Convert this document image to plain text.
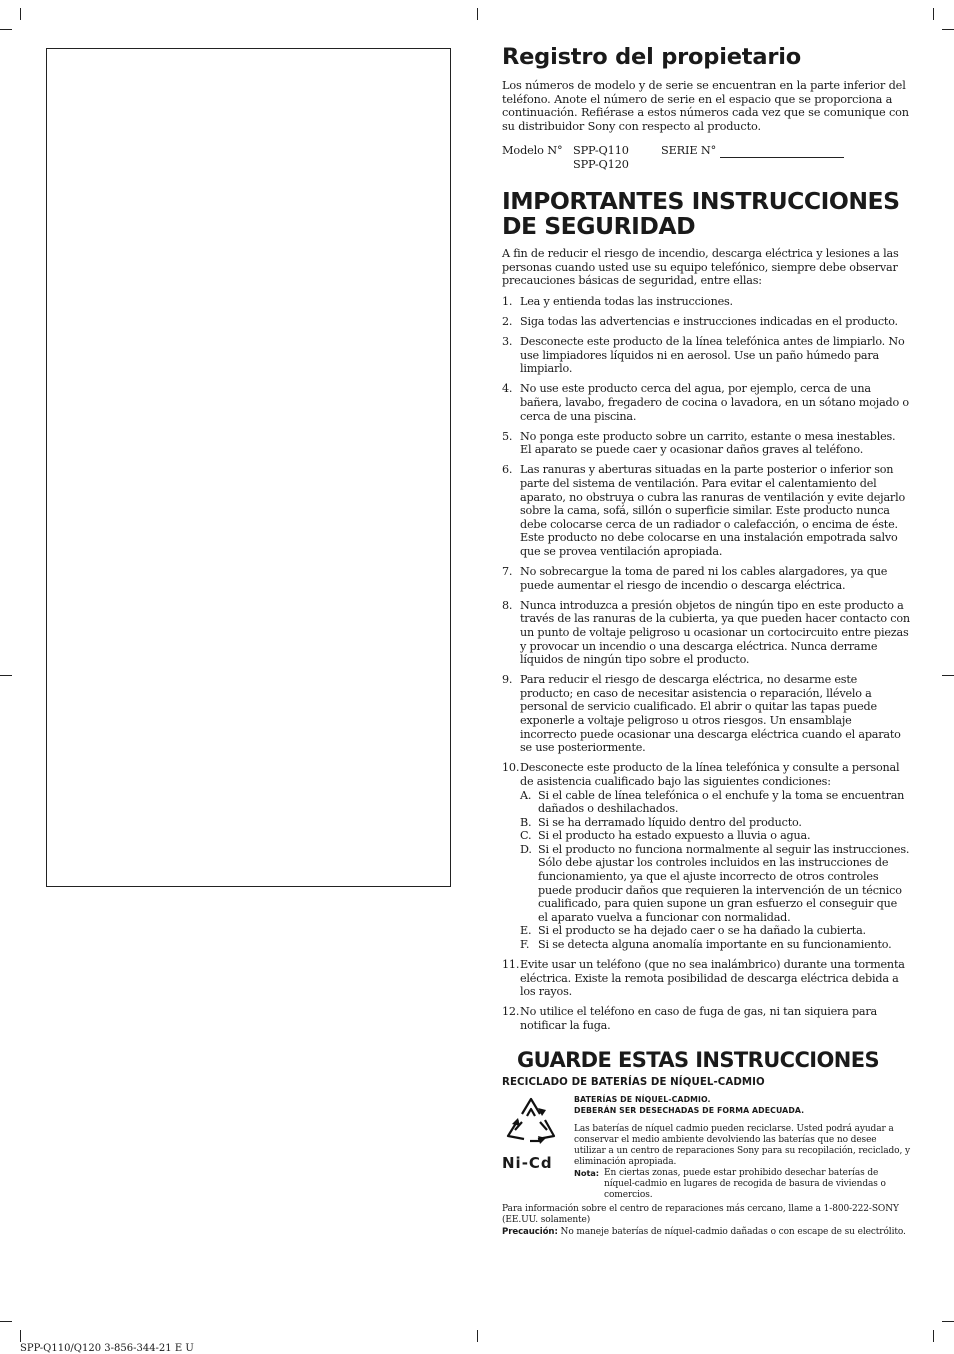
Registro del propietario

Los números de modelo y de serie se encuentran en la parte inferior del teléfono. Anote el número de serie en el espacio que se proporciona a continuación. Refiérase a estos números cada vez que se comunique con su distribuidor Sony con respecto al producto.

Modelo N° SPP-Q110
SPP-Q120
SERIE N°
IMPORTANTES INSTRUCCIONES DE SEGURIDAD

A fin de reducir el riesgo de incendio, descarga eléctrica y lesiones a las personas cuando usted use su equipo telefónico, siempre debe observar precauciones básicas de seguridad, entre ellas:

1. Lea y entienda todas las instrucciones.
2. Siga todas las advertencias e instrucciones indicadas en el producto.
3. Desconecte este producto de la línea telefónica antes de limpiarlo. No use limpiadores líquidos ni en aerosol. Use un paño húmedo para limpiarlo.
4. No use este producto cerca del agua, por ejemplo, cerca de una bañera, lavabo, fregadero de cocina o lavadora, en un sótano mojado o cerca de una piscina.
5. No ponga este producto sobre un carrito, estante o mesa inestables. El aparato se puede caer y ocasionar daños graves al teléfono.
6. Las ranuras y aberturas situadas en la parte posterior o inferior son parte del sistema de ventilación. Para evitar el calentamiento del aparato, no obstruya o cubra las ranuras de ventilación y evite dejarlo sobre la cama, sofá, sillón o superficie similar. Este producto nunca debe colocarse cerca de un radiador o calefacción, o encima de éste. Este producto no debe colocarse en una instalación empotrada salvo que se provea ventilación apropiada.
7. No sobrecargue la toma de pared ni los cables alargadores, ya que puede aumentar el riesgo de incendio o descarga eléctrica.
8. Nunca introduzca a presión objetos de ningún tipo en este producto a través de las ranuras de la cubierta, ya que pueden hacer contacto con un punto de voltaje peligroso u ocasionar un cortocircuito entre piezas y provocar un incendio o una descarga eléctrica. Nunca derrame líquidos de ningún tipo sobre el producto.
9. Para reducir el riesgo de descarga eléctrica, no desarme este producto; en caso de necesitar asistencia o reparación, llévelo a personal de servicio cualificado. El abrir o quitar las tapas puede exponerle a voltaje peligroso u otros riesgos. Un ensamblaje incorrecto puede ocasionar una descarga eléctrica cuando el aparato se use posteriormente.
10. Desconecte este producto de la línea telefónica y consulte a personal de asistencia cualificado bajo las siguientes condiciones:
A. Si el cable de línea telefónica o el enchufe y la toma se encuentran dañados o deshilachados.
B. Si se ha derramado líquido dentro del producto.
C. Si el producto ha estado expuesto a lluvia o agua.
D. Si el producto no funciona normalmente al seguir las instrucciones.
Sólo debe ajustar los controles incluidos en las instrucciones de funcionamiento, ya que el ajuste incorrecto de otros controles puede producir daños que requieren la intervención de un técnico cualificado, para quien supone un gran esfuerzo el conseguir que el aparato vuelva a funcionar con normalidad.
E. Si el producto se ha dejado caer o se ha dañado la cubierta.
F. Si se detecta alguna anomalía importante en su funcionamiento.
11. Evite usar un teléfono (que no sea inalámbrico) durante una tormenta eléctrica. Existe la remota posibilidad de descarga eléctrica debida a los rayos.
12. No utilice el teléfono en caso de fuga de gas, ni tan siquiera para notificar la fuga.
GUARDE ESTAS INSTRUCCIONES
RECICLADO DE BATERÍAS DE NÍQUEL-CADMIO
Ni-Cd
BATERÍAS DE NÍQUEL-CADMIO.
DEBERÁN SER DESECHADAS DE FORMA ADECUADA.
Las baterías de níquel cadmio pueden reciclarse. Usted podrá ayudar a conservar el medio ambiente devolviendo las baterías que no desee utilizar a un centro de reparaciones Sony para su recopilación, reciclado, y eliminación apropiada.
Nota: En ciertas zonas, puede estar prohibido desechar baterías de níquel-cadmio en lugares de recogida de basura de viviendas o comercios.
Para información sobre el centro de reparaciones más cercano, llame a 1-800-222-SONY (EE.UU. solamente)
Precaución: No maneje baterías de níquel-cadmio dañadas o con escape de su electrólito.
SPP-Q110/Q120 3-856-344-21 E U
